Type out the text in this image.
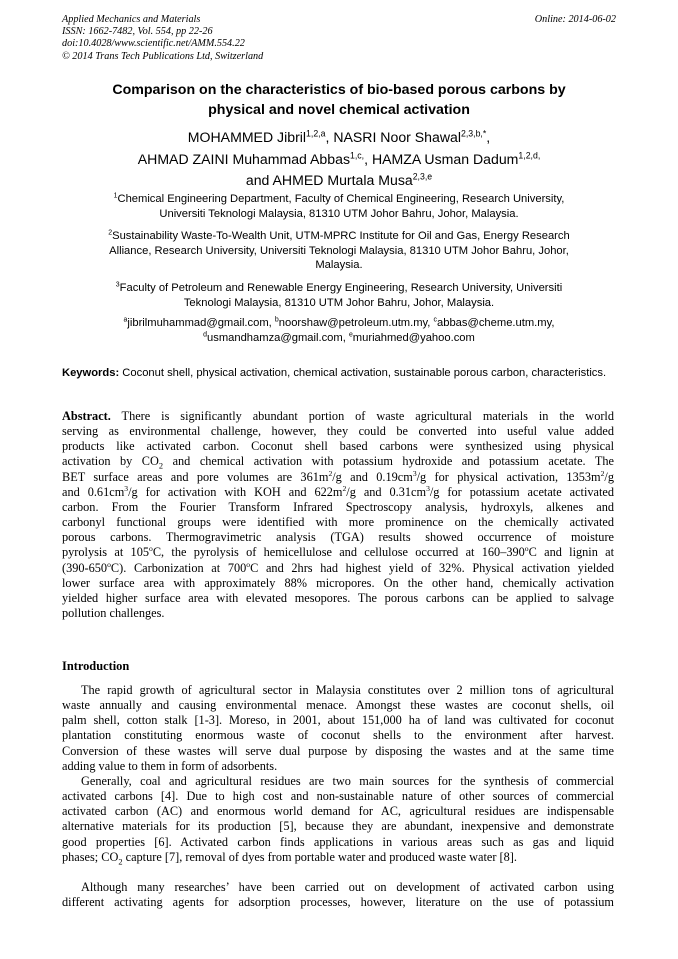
Applied Mechanics and Materials
ISSN: 1662-7482, Vol. 554, pp 22-26
doi:10.4028/www.scientific.net/AMM.554.22
© 2014 Trans Tech Publications Ltd, Switzerland
Online: 2014-06-02
Comparison on the characteristics of bio-based porous carbons by
physical and novel chemical activation
MOHAMMED Jibril$^{1,2,a}$, NASRI Noor Shawal$^{2,3,b,*}$,
AHMAD ZAINI Muhammad Abbas$^{1,c,}$, HAMZA Usman Dadum$^{1,2,d,}$
and AHMED Murtala Musa$^{2,3,e}$
$^1$Chemical Engineering Department, Faculty of Chemical Engineering, Research University,
Universiti Teknologi Malaysia, 81310 UTM Johor Bahru, Johor, Malaysia.
$^2$Sustainability Waste-To-Wealth Unit, UTM-MPRC Institute for Oil and Gas, Energy Research
Alliance, Research University, Universiti Teknologi Malaysia, 81310 UTM Johor Bahru, Johor,
Malaysia.
$^3$Faculty of Petroleum and Renewable Energy Engineering, Research University, Universiti
Teknologi Malaysia, 81310 UTM Johor Bahru, Johor, Malaysia.
$^a$jibrilmuhammad@gmail.com, $^b$noorshaw@petroleum.utm.my, $^c$abbas@cheme.utm.my,
$^d$usmandhamza@gmail.com, $^e$muriahmed@yahoo.com
Keywords: Coconut shell, physical activation, chemical activation, sustainable porous carbon, characteristics.
Abstract. There is significantly abundant portion of waste agricultural materials in the world
serving as environmental challenge, however, they could be converted into useful value added
products like activated carbon. Coconut shell based carbons were synthesized using physical
activation by $CO_2$ and chemical activation with potassium hydroxide and potassium acetate. The
BET surface areas and pore volumes are $361m^2/g$ and $0.19cm^3/g$ for physical activation, $1353m^2/g$
and $0.61cm^3/g$ for activation with KOH and $622m^2/g$ and $0.31cm^3/g$ for potassium acetate activated
carbon. From the Fourier Transform Infrared Spectroscopy analysis, hydroxyls, alkenes and
carbonyl functional groups were identified with more prominence on the chemically activated
porous carbons. Thermogravimetric analysis (TGA) results showed occurrence of moisture
pyrolysis at 105$^o$C, the pyrolysis of hemicellulose and cellulose occurred at 160–390$^o$C and lignin at
(390-650$^o$C). Carbonization at 700$^o$C and 2hrs had highest yield of 32%. Physical activation yielded
lower surface area with approximately 88% micropores. On the other hand, chemically activation
yielded higher surface area with elevated mesopores. The porous carbons can be applied to salvage
pollution challenges.
Introduction
The rapid growth of agricultural sector in Malaysia constitutes over 2 million tons of agricultural
waste annually and causing environmental menace. Amongst these wastes are coconut shells, oil
palm shell, cotton stalk [1-3]. Moreso, in 2001, about 151,000 ha of land was cultivated for coconut
plantation constituting enormous waste of coconut shells to the environment after harvest.
Conversion of these wastes will serve dual purpose by disposing the wastes and at the same time
adding value to them in form of adsorbents.
Generally, coal and agricultural residues are two main sources for the synthesis of commercial
activated carbons [4]. Due to high cost and non-sustainable nature of other sources of commercial
activated carbon (AC) and enormous world demand for AC, agricultural residues are indispensable
alternative materials for its production [5], because they are abundant, inexpensive and demonstrate
good properties [6]. Activated carbon finds applications in various areas such as gas and liquid
phases; $CO_2$ capture [7], removal of dyes from portable water and produced waste water [8].
Although many researches’ have been carried out on development of activated carbon using
different activating agents for adsorption processes, however, literature on the use of potassium
